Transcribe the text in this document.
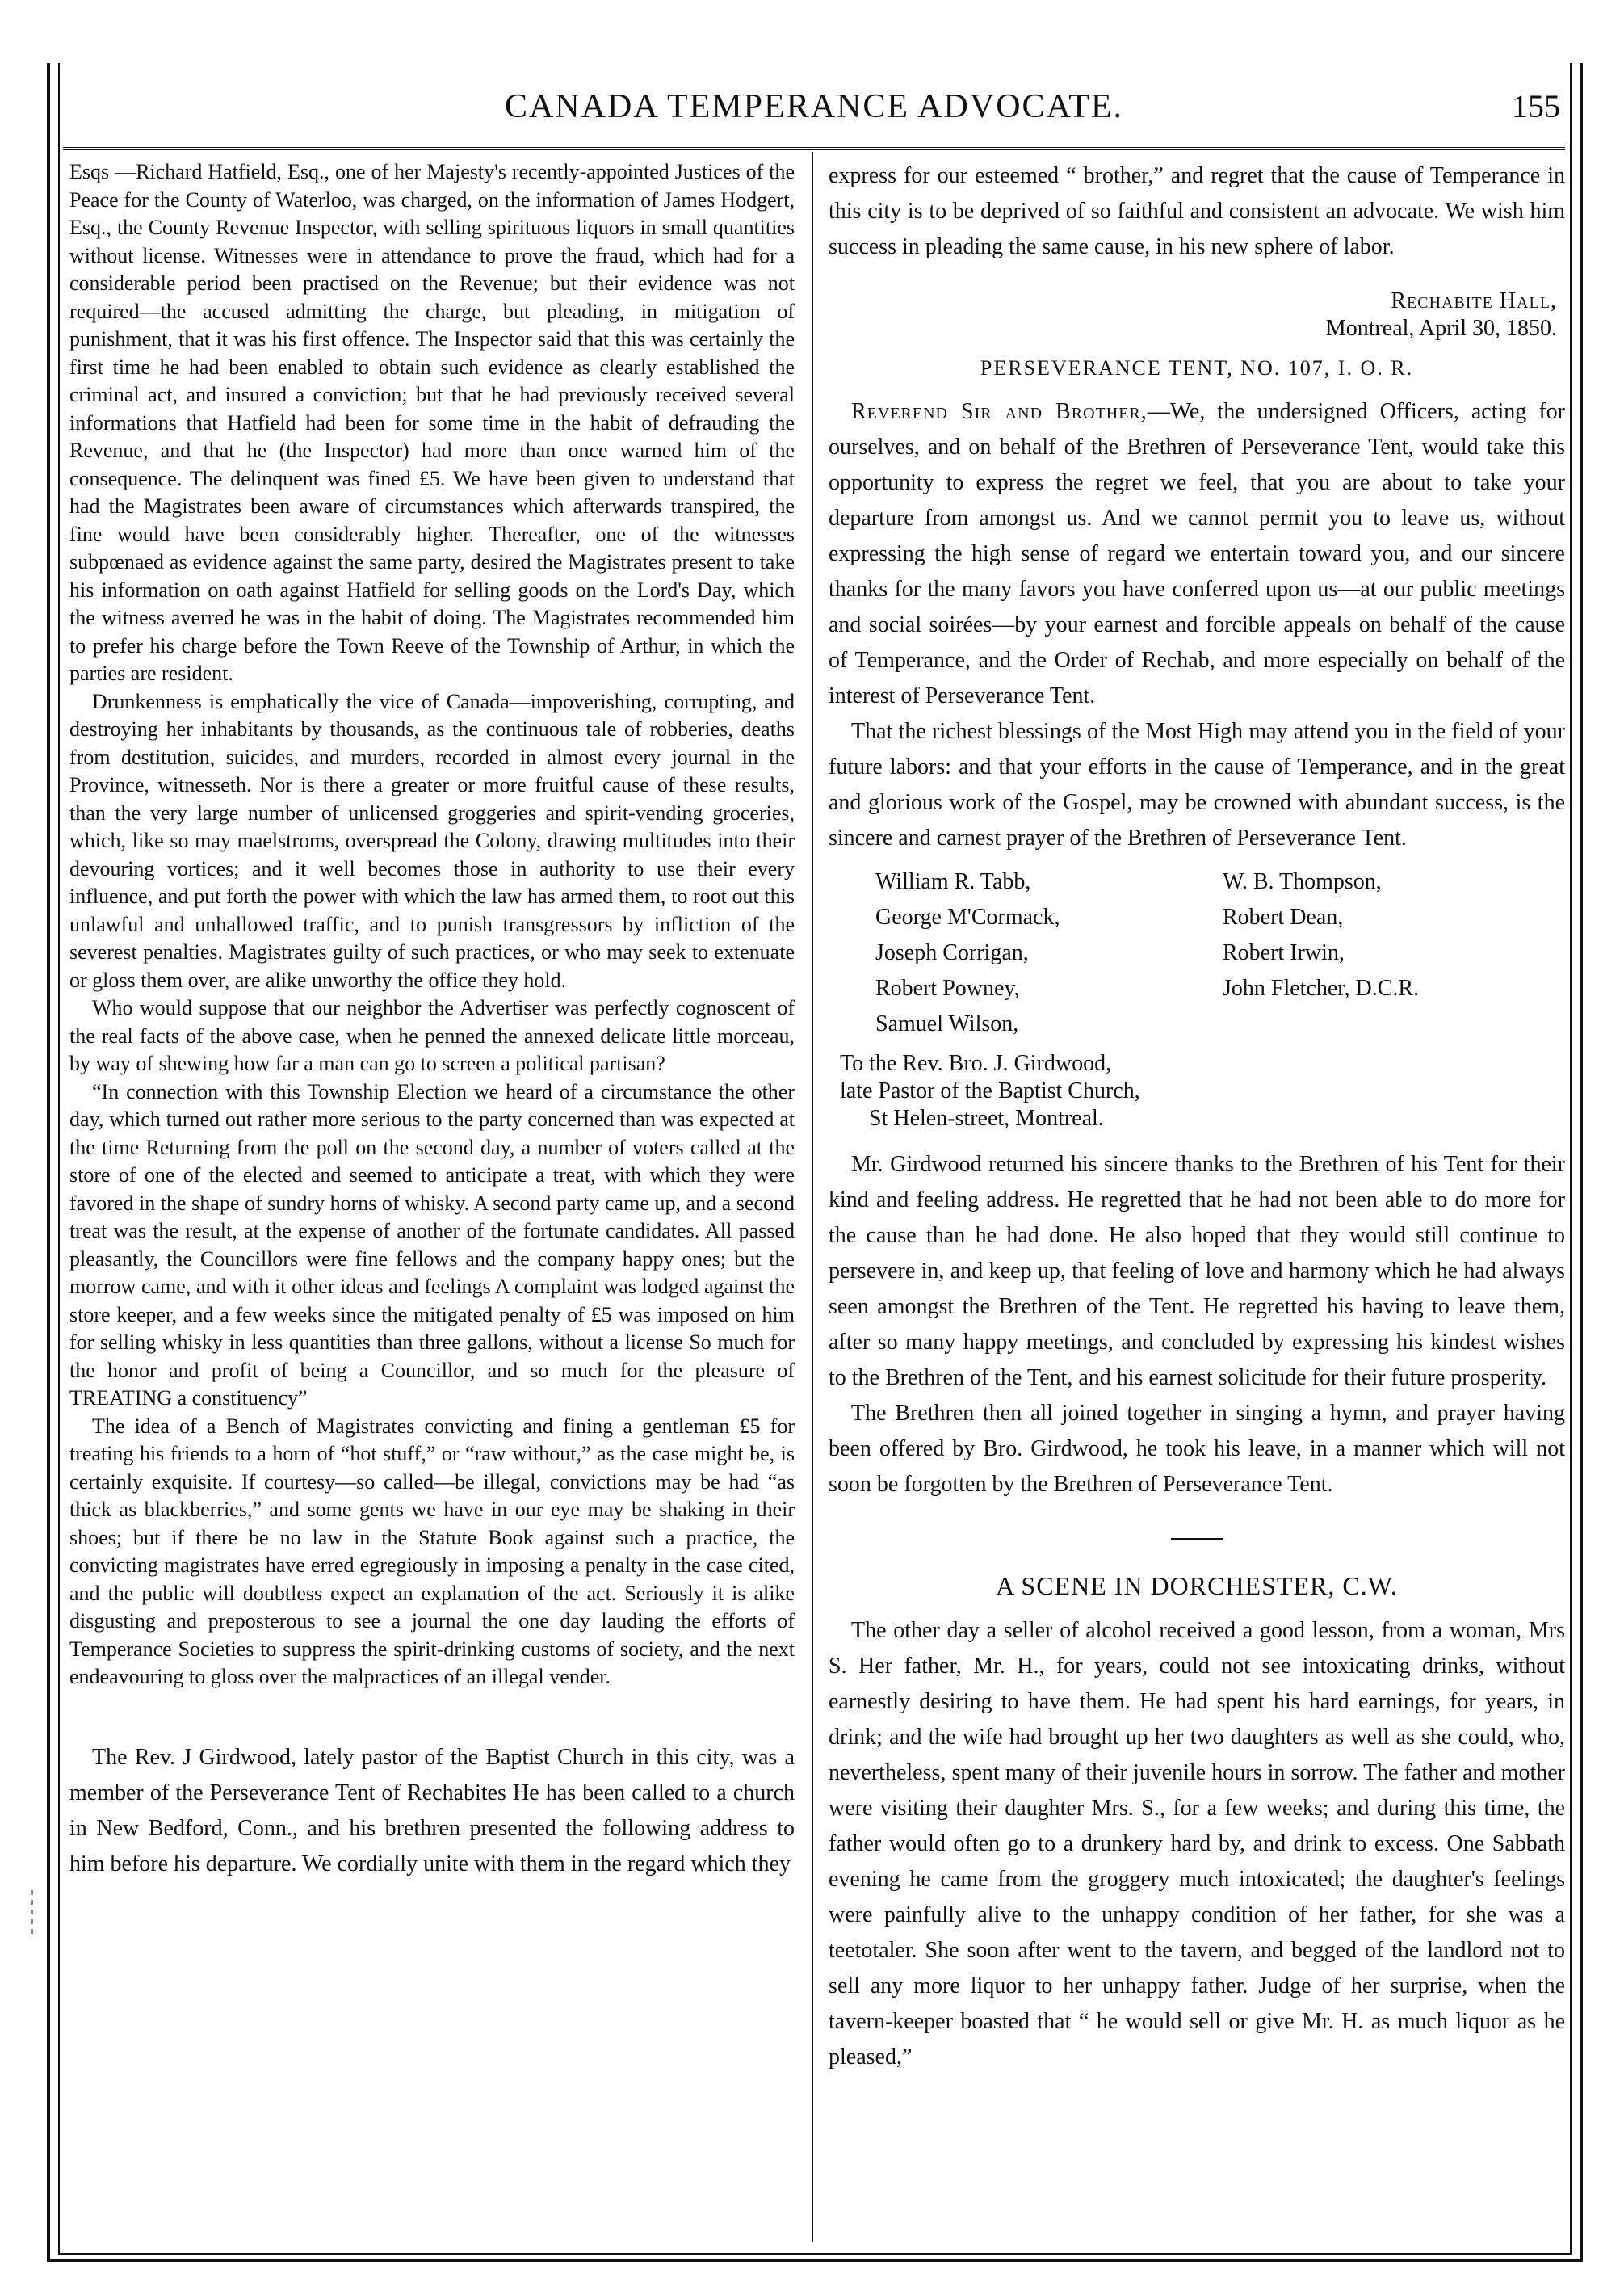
CANADA TEMPERANCE ADVOCATE.	155

Esqs —Richard Hatfield, Esq., one of her Majesty's recently-appointed Justices of the Peace for the County of Waterloo, was charged, on the information of James Hodgert, Esq., the County Revenue Inspector, with selling spirituous liquors in small quantities without license. Witnesses were in attendance to prove the fraud, which had for a considerable period been practised on the Revenue; but their evidence was not required—the accused admitting the charge, but pleading, in mitigation of punishment, that it was his first offence. The Inspector said that this was certainly the first time he had been enabled to obtain such evidence as clearly established the criminal act, and insured a conviction; but that he had previously received several informations that Hatfield had been for some time in the habit of defrauding the Revenue, and that he (the Inspector) had more than once warned him of the consequence. The delinquent was fined £5. We have been given to understand that had the Magistrates been aware of circumstances which afterwards transpired, the fine would have been considerably higher. Thereafter, one of the witnesses subpœnaed as evidence against the same party, desired the Magistrates present to take his information on oath against Hatfield for selling goods on the Lord's Day, which the witness averred he was in the habit of doing. The Magistrates recommended him to prefer his charge before the Town Reeve of the Township of Arthur, in which the parties are resident.

Drunkenness is emphatically the vice of Canada—impoverishing, corrupting, and destroying her inhabitants by thousands, as the continuous tale of robberies, deaths from destitution, suicides, and murders, recorded in almost every journal in the Province, witnesseth. Nor is there a greater or more fruitful cause of these results, than the very large number of unlicensed groggeries and spirit-vending groceries, which, like so may maelstroms, overspread the Colony, drawing multitudes into their devouring vortices; and it well becomes those in authority to use their every influence, and put forth the power with which the law has armed them, to root out this unlawful and unhallowed traffic, and to punish transgressors by infliction of the severest penalties. Magistrates guilty of such practices, or who may seek to extenuate or gloss them over, are alike unworthy the office they hold.

Who would suppose that our neighbor the Advertiser was perfectly cognoscent of the real facts of the above case, when he penned the annexed delicate little morceau, by way of shewing how far a man can go to screen a political partisan?

“In connection with this Township Election we heard of a circumstance the other day, which turned out rather more serious to the party concerned than was expected at the time Returning from the poll on the second day, a number of voters called at the store of one of the elected and seemed to anticipate a treat, with which they were favored in the shape of sundry horns of whisky. A second party came up, and a second treat was the result, at the expense of another of the fortunate candidates. All passed pleasantly, the Councillors were fine fellows and the company happy ones; but the morrow came, and with it other ideas and feelings A complaint was lodged against the store keeper, and a few weeks since the mitigated penalty of £5 was imposed on him for selling whisky in less quantities than three gallons, without a license So much for the honor and profit of being a Councillor, and so much for the pleasure of TREATING a constituency”

The idea of a Bench of Magistrates convicting and fining a gentleman £5 for treating his friends to a horn of “hot stuff,” or “raw without,” as the case might be, is certainly exquisite. If courtesy—so called—be illegal, convictions may be had “as thick as blackberries,” and some gents we have in our eye may be shaking in their shoes; but if there be no law in the Statute Book against such a practice, the convicting magistrates have erred egregiously in imposing a penalty in the case cited, and the public will doubtless expect an explanation of the act. Seriously it is alike disgusting and preposterous to see a journal the one day lauding the efforts of Temperance Societies to suppress the spirit-drinking customs of society, and the next endeavouring to gloss over the malpractices of an illegal vender.

The Rev. J Girdwood, lately pastor of the Baptist Church in this city, was a member of the Perseverance Tent of Rechabites He has been called to a church in New Bedford, Conn., and his brethren presented the following address to him before his departure. We cordially unite with them in the regard which they

express for our esteemed “ brother,” and regret that the cause of Temperance in this city is to be deprived of so faithful and consistent an advocate. We wish him success in pleading the same cause, in his new sphere of labor.

Rechabite Hall,
Montreal, April 30, 1850.
PERSEVERANCE TENT, NO. 107, I. O. R.

Reverend Sir and Brother,—We, the undersigned Officers, acting for ourselves, and on behalf of the Brethren of Perseverance Tent, would take this opportunity to express the regret we feel, that you are about to take your departure from amongst us. And we cannot permit you to leave us, without expressing the high sense of regard we entertain toward you, and our sincere thanks for the many favors you have conferred upon us—at our public meetings and social soirées—by your earnest and forcible appeals on behalf of the cause of Temperance, and the Order of Rechab, and more especially on behalf of the interest of Perseverance Tent.

That the richest blessings of the Most High may attend you in the field of your future labors: and that your efforts in the cause of Temperance, and in the great and glorious work of the Gospel, may be crowned with abundant success, is the sincere and carnest prayer of the Brethren of Perseverance Tent.

William R. Tabb,
George M'Cormack,
Joseph Corrigan,
Robert Powney,
Samuel Wilson,
W. B. Thompson,
Robert Dean,
Robert Irwin,
John Fletcher, D.C.R.
To the Rev. Bro. J. Girdwood,
late Pastor of the Baptist Church,
St Helen-street, Montreal.

Mr. Girdwood returned his sincere thanks to the Brethren of his Tent for their kind and feeling address. He regretted that he had not been able to do more for the cause than he had done. He also hoped that they would still continue to persevere in, and keep up, that feeling of love and harmony which he had always seen amongst the Brethren of the Tent. He regretted his having to leave them, after so many happy meetings, and concluded by expressing his kindest wishes to the Brethren of the Tent, and his earnest solicitude for their future prosperity.

The Brethren then all joined together in singing a hymn, and prayer having been offered by Bro. Girdwood, he took his leave, in a manner which will not soon be forgotten by the Brethren of Perseverance Tent.

A SCENE IN DORCHESTER, C.W.

The other day a seller of alcohol received a good lesson, from a woman, Mrs S. Her father, Mr. H., for years, could not see intoxicating drinks, without earnestly desiring to have them. He had spent his hard earnings, for years, in drink; and the wife had brought up her two daughters as well as she could, who, nevertheless, spent many of their juvenile hours in sorrow. The father and mother were visiting their daughter Mrs. S., for a few weeks; and during this time, the father would often go to a drunkery hard by, and drink to excess. One Sabbath evening he came from the groggery much intoxicated; the daughter's feelings were painfully alive to the unhappy condition of her father, for she was a teetotaler. She soon after went to the tavern, and begged of the landlord not to sell any more liquor to her unhappy father. Judge of her surprise, when the tavern-keeper boasted that “ he would sell or give Mr. H. as much liquor as he pleased,”
